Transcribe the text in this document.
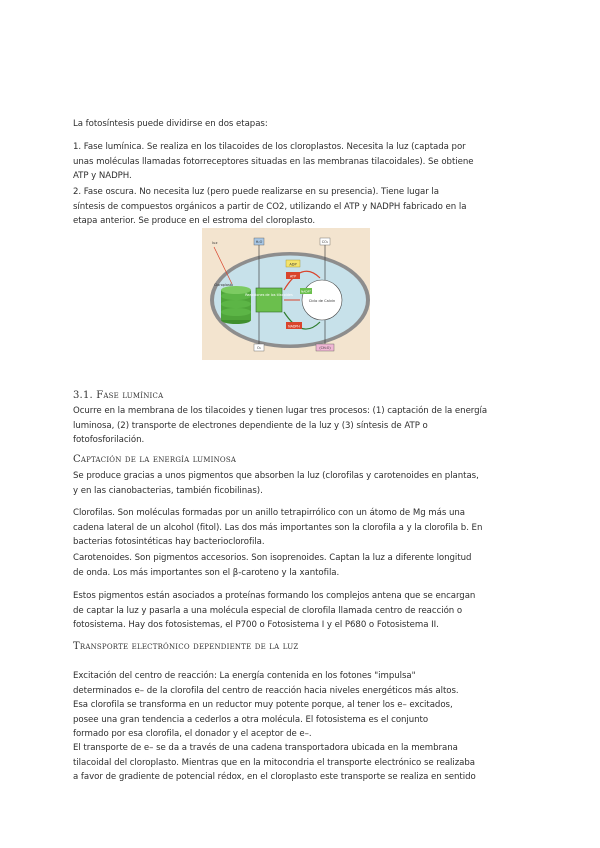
La fotosíntesis puede dividirse en dos etapas:

1. Fase lumínica. Se realiza en los tilacoides de los cloroplastos. Necesita la luz (captada por
unas moléculas llamadas fotorreceptores situadas en las membranas tilacoidales). Se obtiene
ATP y NADPH.

2. Fase oscura. No necesita luz (pero puede realizarse en su presencia). Tiene lugar la
síntesis de compuestos orgánicos a partir de CO2, utilizando el ATP y NADPH fabricado en la
etapa anterior. Se produce en el estroma del cloroplasto.

Reacciones de los tilacoides
Ciclo de Calvin
ADP
ATP
NADPH
NADP⁺
H₂O	CO₂
O₂	(CH₂O)
luz
Cloroplasto
3.1. Fase lumínica

Ocurre en la membrana de los tilacoides y tienen lugar tres procesos: (1) captación de la energía
luminosa, (2) transporte de electrones dependiente de la luz y (3) síntesis de ATP o
fotofosforilación.

Captación de la energía luminosa

Se produce gracias a unos pigmentos que absorben la luz (clorofilas y carotenoides en plantas,
y en las cianobacterias, también ficobilinas).

Clorofilas. Son moléculas formadas por un anillo tetrapirrólico con un átomo de Mg más una
cadena lateral de un alcohol (fitol). Las dos más importantes son la clorofila a y la clorofila b. En
bacterias fotosintéticas hay bacterioclorofila.

Carotenoides. Son pigmentos accesorios. Son isoprenoides. Captan la luz a diferente longitud
de onda. Los más importantes son el β-caroteno y la xantofila.

Estos pigmentos están asociados a proteínas formando los complejos antena que se encargan
de captar la luz y pasarla a una molécula especial de clorofila llamada centro de reacción o
fotosistema. Hay dos fotosistemas, el P700 o Fotosistema I y el P680 o Fotosistema II.

Transporte electrónico dependiente de la luz

Excitación del centro de reacción: La energía contenida en los fotones "impulsa"
determinados e– de la clorofila del centro de reacción hacia niveles energéticos más altos.
Esa clorofila se transforma en un reductor muy potente porque, al tener los e– excitados,
posee una gran tendencia a cederlos a otra molécula. El fotosistema es el conjunto
formado por esa clorofila, el donador y el aceptor de e–.

El transporte de e– se da a través de una cadena transportadora ubicada en la membrana
tilacoidal del cloroplasto. Mientras que en la mitocondria el transporte electrónico se realizaba
a favor de gradiente de potencial rédox, en el cloroplasto este transporte se realiza en sentido
